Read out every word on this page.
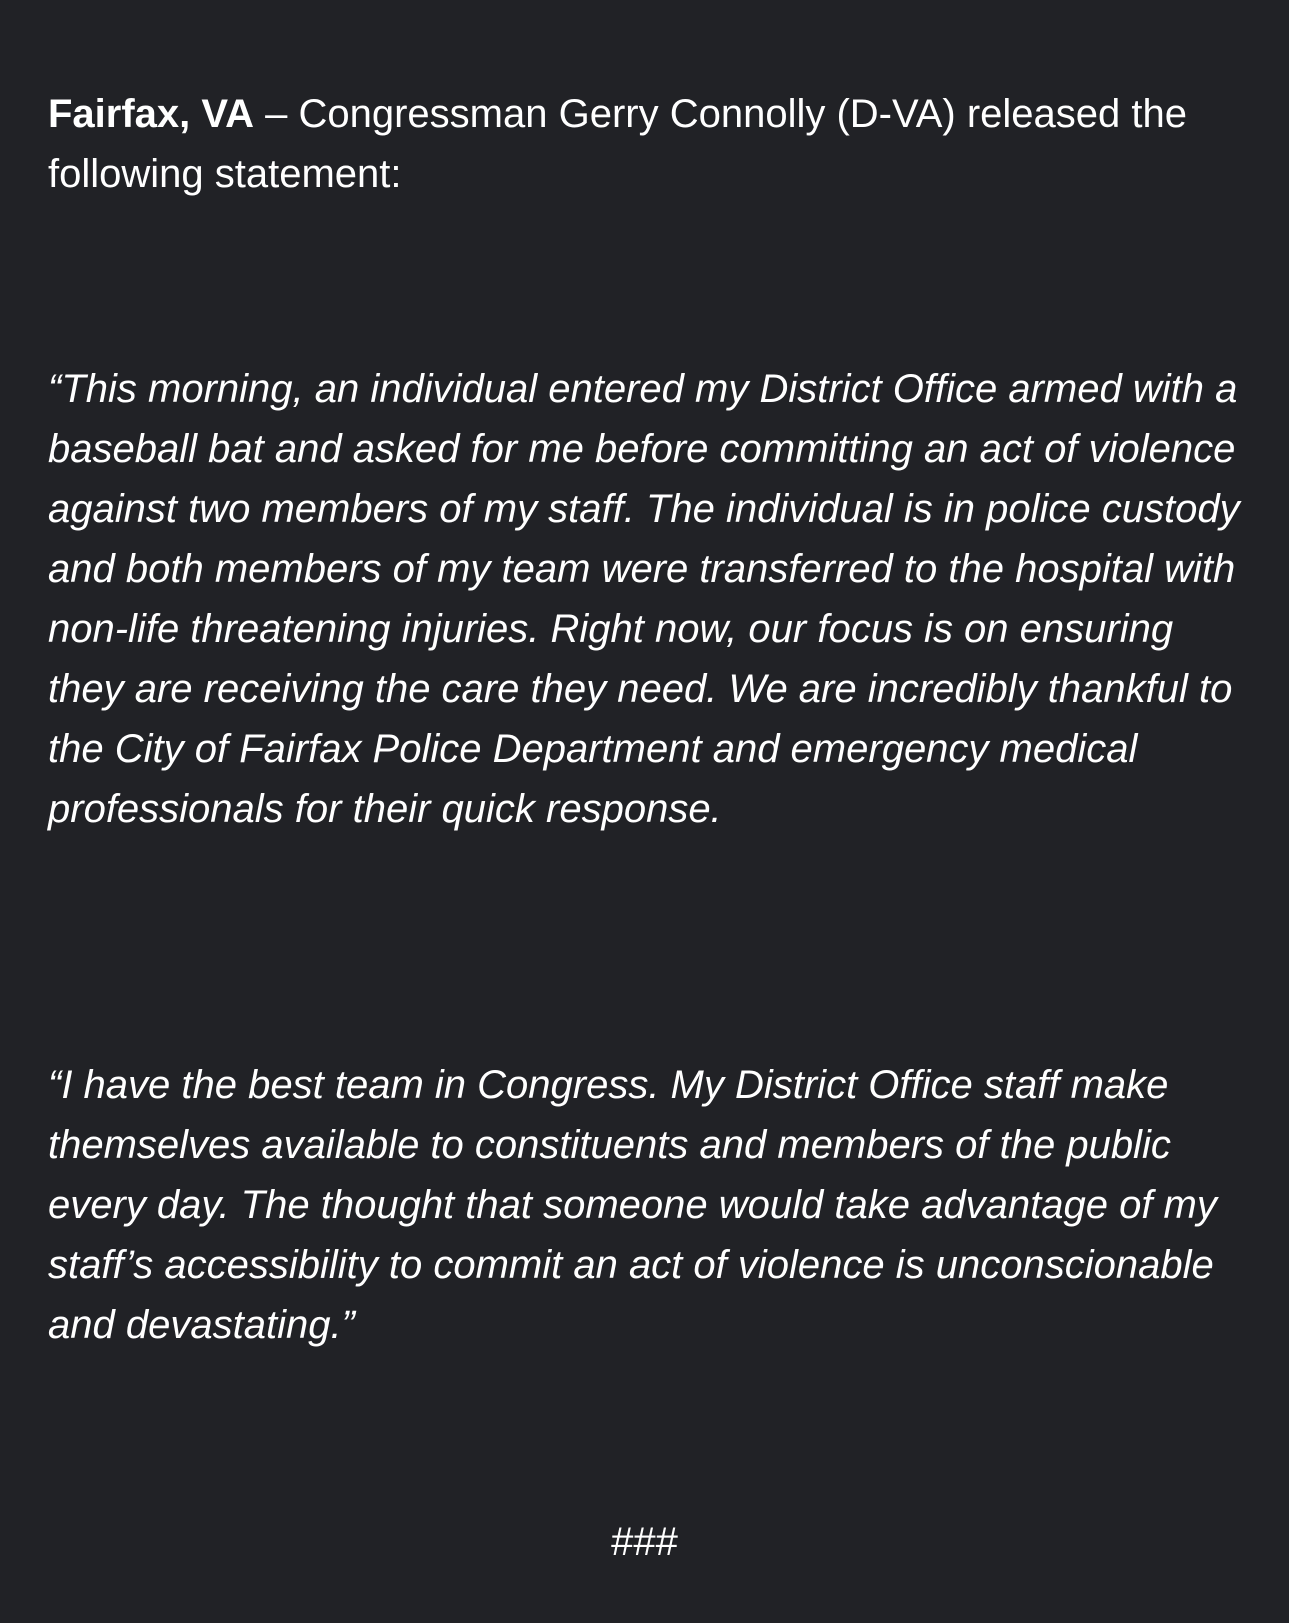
Fairfax, VA – Congressman Gerry Connolly (D-VA) released the following statement:

“This morning, an individual entered my District Office armed with a baseball bat and asked for me before committing an act of violence against two members of my staff. The individual is in police custody and both members of my team were transferred to the hospital with non-life threatening injuries. Right now, our focus is on ensuring they are receiving the care they need. We are incredibly thankful to the City of Fairfax Police Department and emergency medical professionals for their quick response.

“I have the best team in Congress. My District Office staff make themselves available to constituents and members of the public every day. The thought that someone would take advantage of my staff’s accessibility to commit an act of violence is unconscionable and devastating.”

###
